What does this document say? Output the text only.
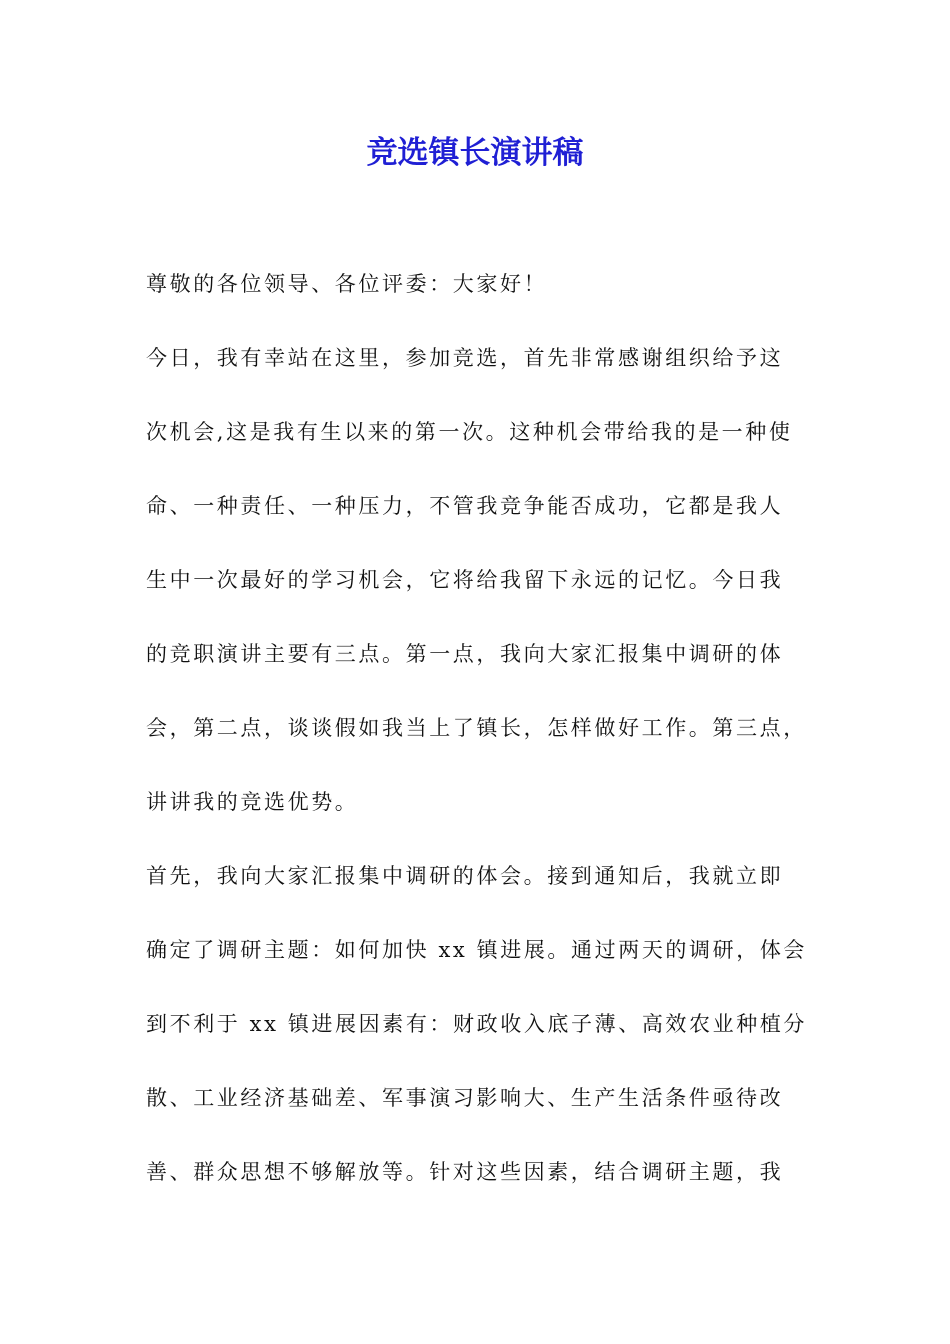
竞选镇长演讲稿
尊敬的各位领导、各位评委：大家好！
今日，我有幸站在这里，参加竞选，首先非常感谢组织给予这
次机会,这是我有生以来的第一次。这种机会带给我的是一种使
命、一种责任、一种压力，不管我竞争能否成功，它都是我人
生中一次最好的学习机会，它将给我留下永远的记忆。今日我
的竞职演讲主要有三点。第一点，我向大家汇报集中调研的体
会，第二点，谈谈假如我当上了镇长，怎样做好工作。第三点，
讲讲我的竞选优势。
首先，我向大家汇报集中调研的体会。接到通知后，我就立即
确定了调研主题：如何加快 xx 镇进展。通过两天的调研，体会
到不利于 xx 镇进展因素有：财政收入底子薄、高效农业种植分
散、工业经济基础差、军事演习影响大、生产生活条件亟待改
善、群众思想不够解放等。针对这些因素，结合调研主题，我
